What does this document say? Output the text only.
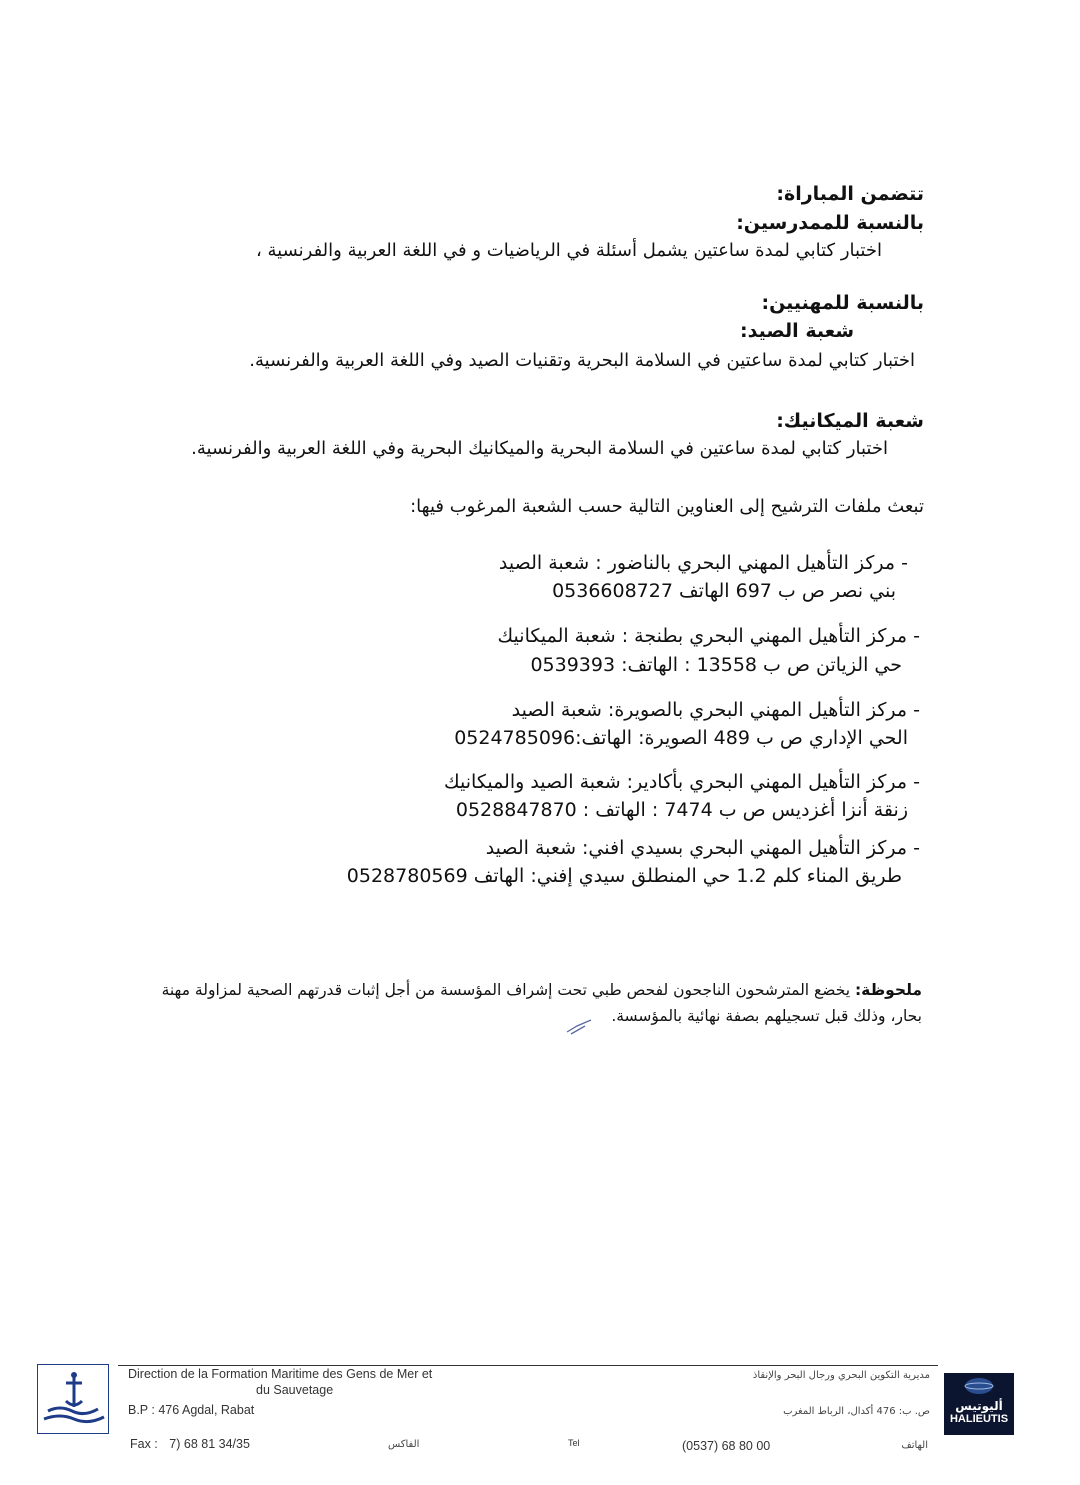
تتضمن المباراة:
بالنسبة للممدرسين:
اختبار كتابي لمدة ساعتين يشمل أسئلة في الرياضيات و في اللغة العربية والفرنسية ،
بالنسبة للمهنيين:
شعبة الصيد:
اختبار كتابي لمدة ساعتين في السلامة البحرية وتقنيات الصيد وفي اللغة العربية والفرنسية.
شعبة الميكانيك:
اختبار كتابي لمدة ساعتين في السلامة البحرية والميكانيك البحرية وفي اللغة العربية والفرنسية.
تبعث ملفات الترشيح إلى العناوين التالية حسب الشعبة المرغوب فيها:
- مركز التأهيل المهني البحري بالناضور : شعبة الصيد
بني نصر ص ب 697 الهاتف 0536608727
- مركز التأهيل المهني البحري بطنجة : شعبة الميكانيك
حي الزياتن ص ب 13558 : الهاتف: 0539393
- مركز التأهيل المهني البحري بالصويرة: شعبة الصيد
الحي الإداري ص ب 489 الصويرة: الهاتف:0524785096
- مركز التأهيل المهني البحري بأكادير: شعبة الصيد والميكانيك
زنقة أنزا أغزديس ص ب 7474 : الهاتف : 0528847870
- مركز التأهيل المهني البحري بسيدي افني: شعبة الصيد
طريق المناء كلم 1.2 حي المنطلق سيدي إفني: الهاتف 0528780569
ملحوظة: يخضع المترشحون الناجحون لفحص طبي تحت إشراف المؤسسة من أجل إثبات قدرتهم الصحية لمزاولة مهنة
بحار، وذلك قبل تسجيلهم بصفة نهائية بالمؤسسة.
Direction de la Formation Maritime des Gens de Mer et
du Sauvetage
B.P : 476 Agdal, Rabat
Fax : 7) 68 81 34/35	الفاكس	Tel	(0537) 68 80 00	الهاتف
مديرية التكوين البحري ورجال البحر والإنقاذ
ص. ب: 476 أكدال، الرباط المغرب	أليوتيس
HALIEUTIS
